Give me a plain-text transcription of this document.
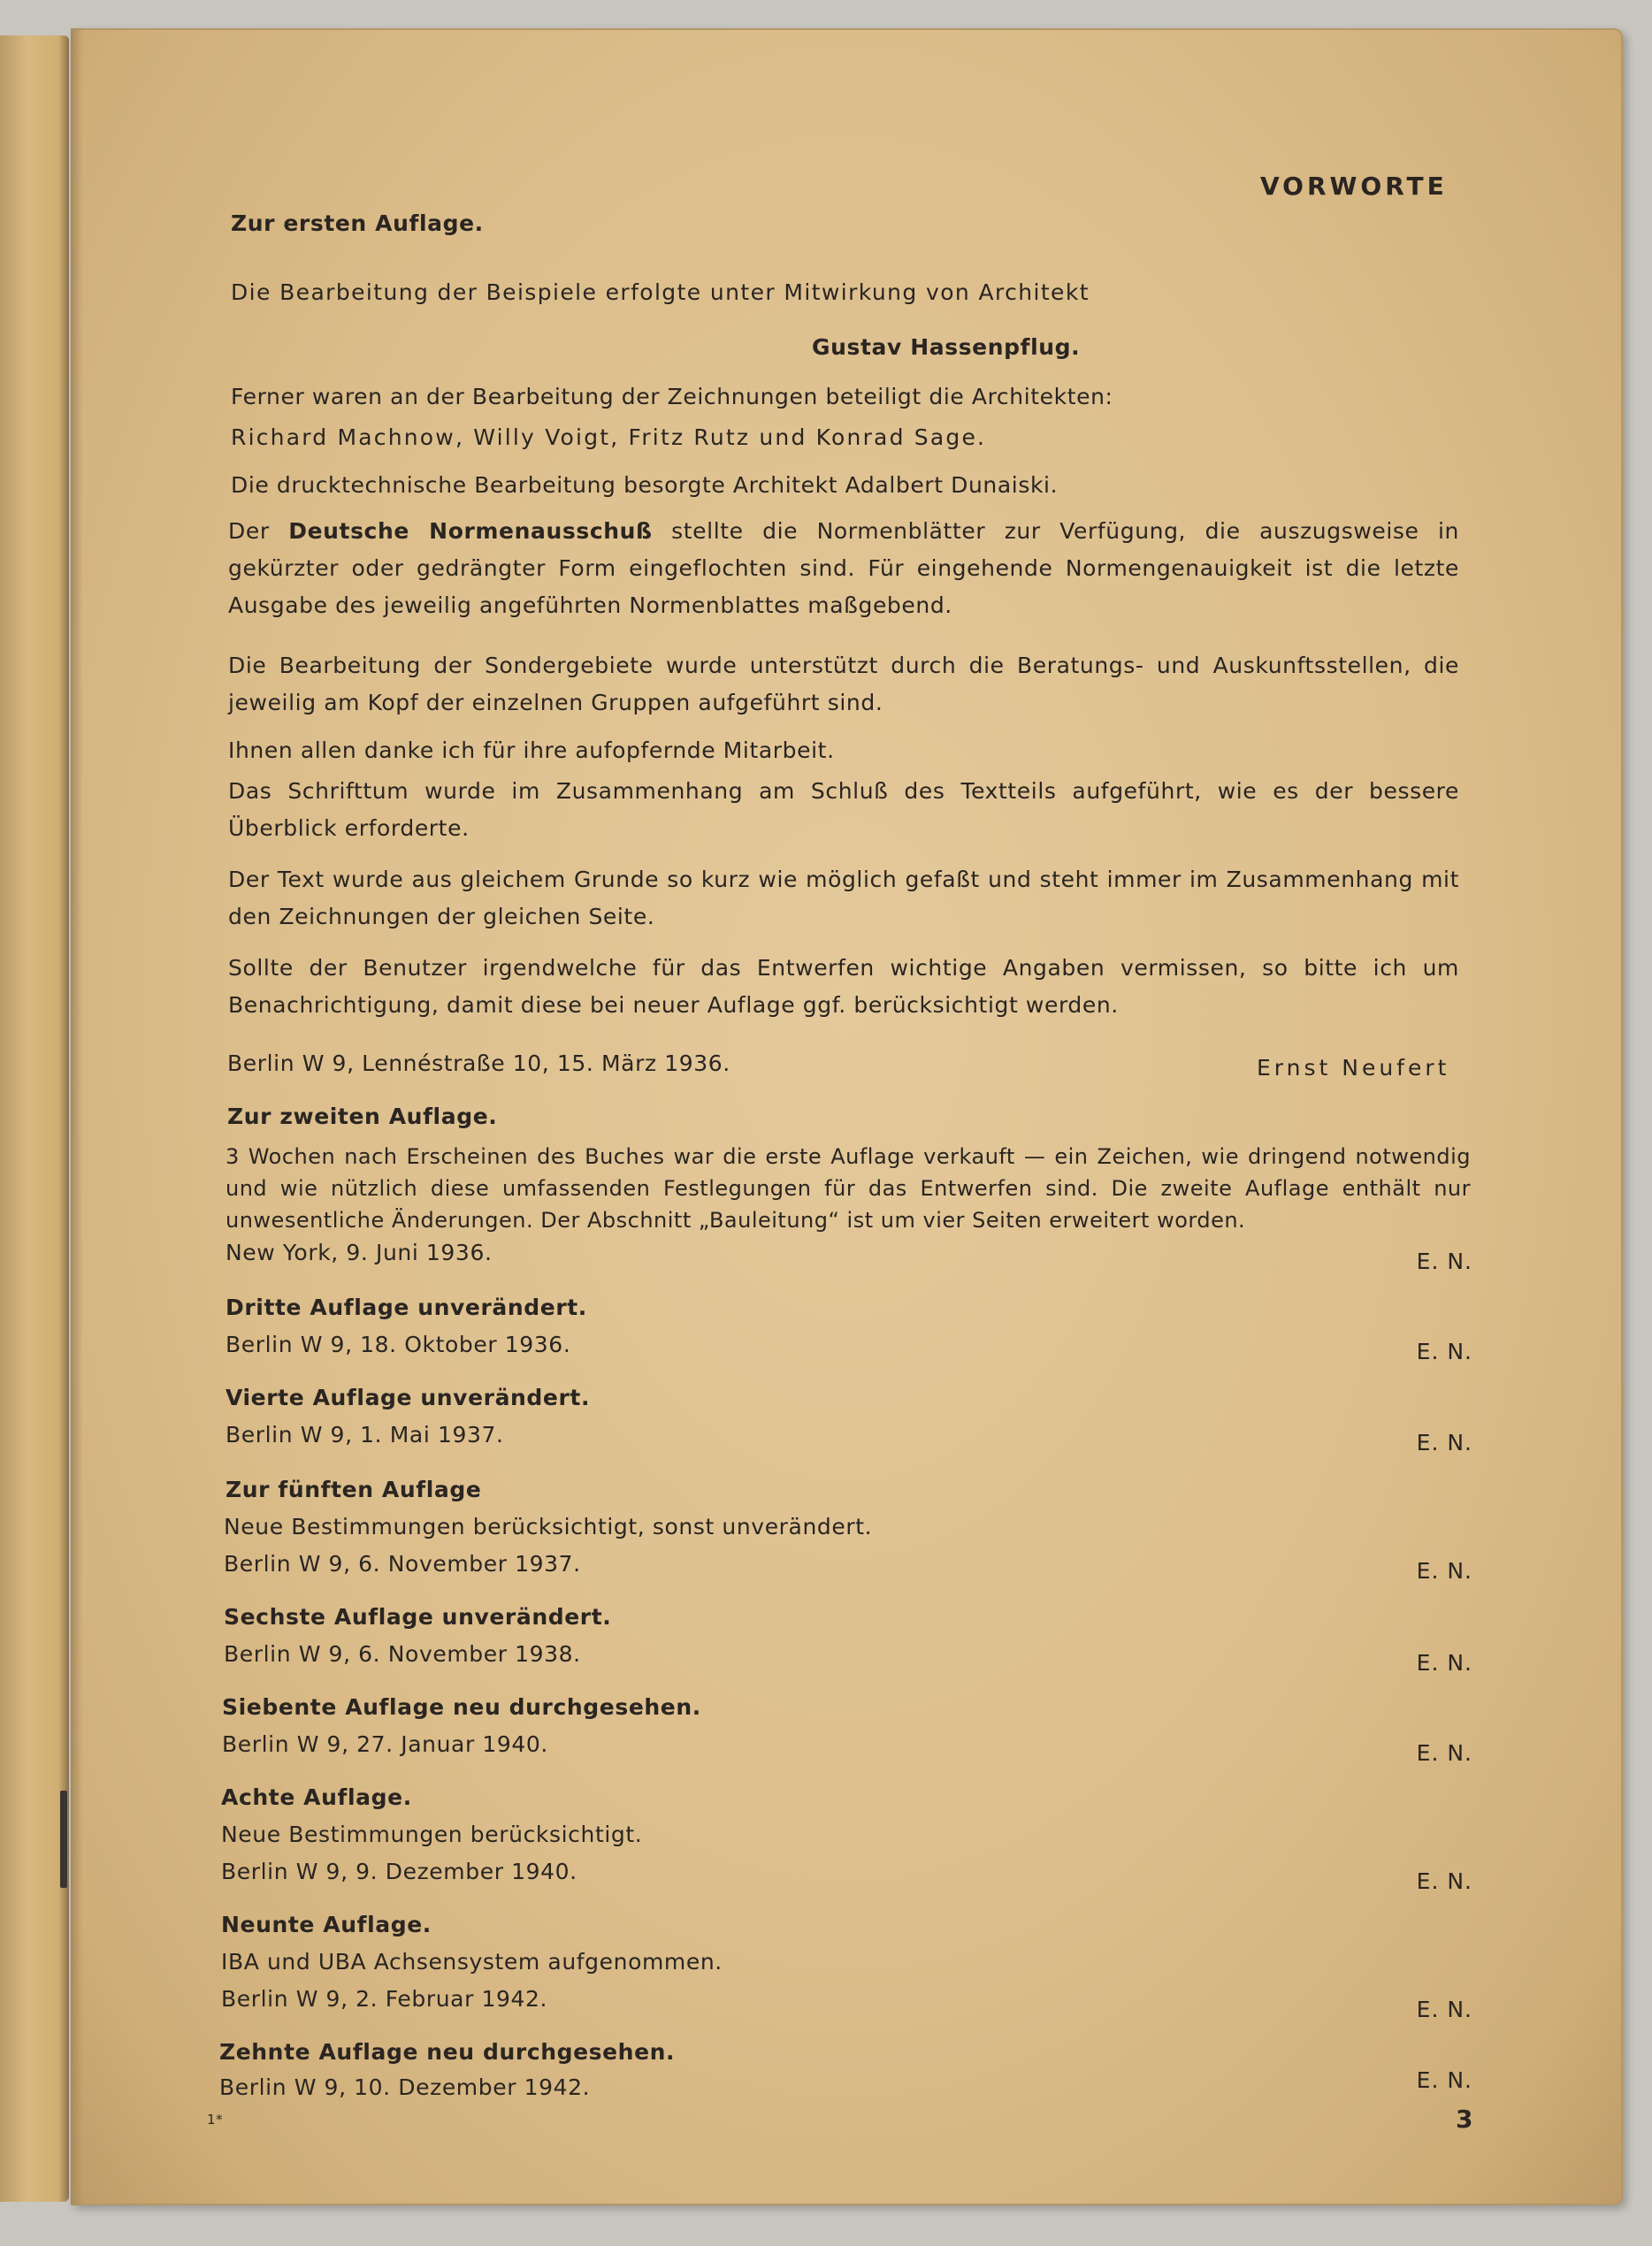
VORWORTE
Zur ersten Auflage.
Die Bearbeitung der Beispiele erfolgte unter Mitwirkung von Architekt
Gustav Hassenpflug.
Ferner waren an der Bearbeitung der Zeichnungen beteiligt die Architekten:
Richard Machnow, Willy Voigt, Fritz Rutz und Konrad Sage.
Die drucktechnische Bearbeitung besorgte Architekt Adalbert Dunaiski.
Der Deutsche Normenausschuß stellte die Normenblätter zur Verfügung, die auszugsweise in gekürzter oder gedrängter Form eingeflochten sind. Für eingehende Normengenauigkeit ist die letzte Ausgabe des jeweilig angeführten Normenblattes maßgebend.
Die Bearbeitung der Sondergebiete wurde unterstützt durch die Beratungs- und Auskunftsstellen, die jeweilig am Kopf der einzelnen Gruppen aufgeführt sind.
Ihnen allen danke ich für ihre aufopfernde Mitarbeit.
Das Schrifttum wurde im Zusammenhang am Schluß des Textteils aufgeführt, wie es der bessere Überblick erforderte.
Der Text wurde aus gleichem Grunde so kurz wie möglich gefaßt und steht immer im Zusammenhang mit den Zeichnungen der gleichen Seite.
Sollte der Benutzer irgendwelche für das Entwerfen wichtige Angaben vermissen, so bitte ich um Benachrichtigung, damit diese bei neuer Auflage ggf. berücksichtigt werden.
Berlin W 9, Lennéstraße 10, 15. März 1936.	Ernst Neufert
Zur zweiten Auflage.
3 Wochen nach Erscheinen des Buches war die erste Auflage verkauft — ein Zeichen, wie dringend notwendig und wie nützlich diese umfassenden Festlegungen für das Entwerfen sind. Die zweite Auflage enthält nur unwesentliche Änderungen. Der Abschnitt „Bauleitung“ ist um vier Seiten erweitert worden.
New York, 9. Juni 1936.	E. N.
Dritte Auflage unverändert.
Berlin W 9, 18. Oktober 1936.	E. N.
Vierte Auflage unverändert.
Berlin W 9, 1. Mai 1937.	E. N.
Zur fünften Auflage
Neue Bestimmungen berücksichtigt, sonst unverändert.
Berlin W 9, 6. November 1937.	E. N.
Sechste Auflage unverändert.
Berlin W 9, 6. November 1938.	E. N.
Siebente Auflage neu durchgesehen.
Berlin W 9, 27. Januar 1940.	E. N.
Achte Auflage.
Neue Bestimmungen berücksichtigt.
Berlin W 9, 9. Dezember 1940.	E. N.
Neunte Auflage.
IBA und UBA Achsensystem aufgenommen.
Berlin W 9, 2. Februar 1942.	E. N.
Zehnte Auflage neu durchgesehen.
Berlin W 9, 10. Dezember 1942.	E. N.
1*	3
